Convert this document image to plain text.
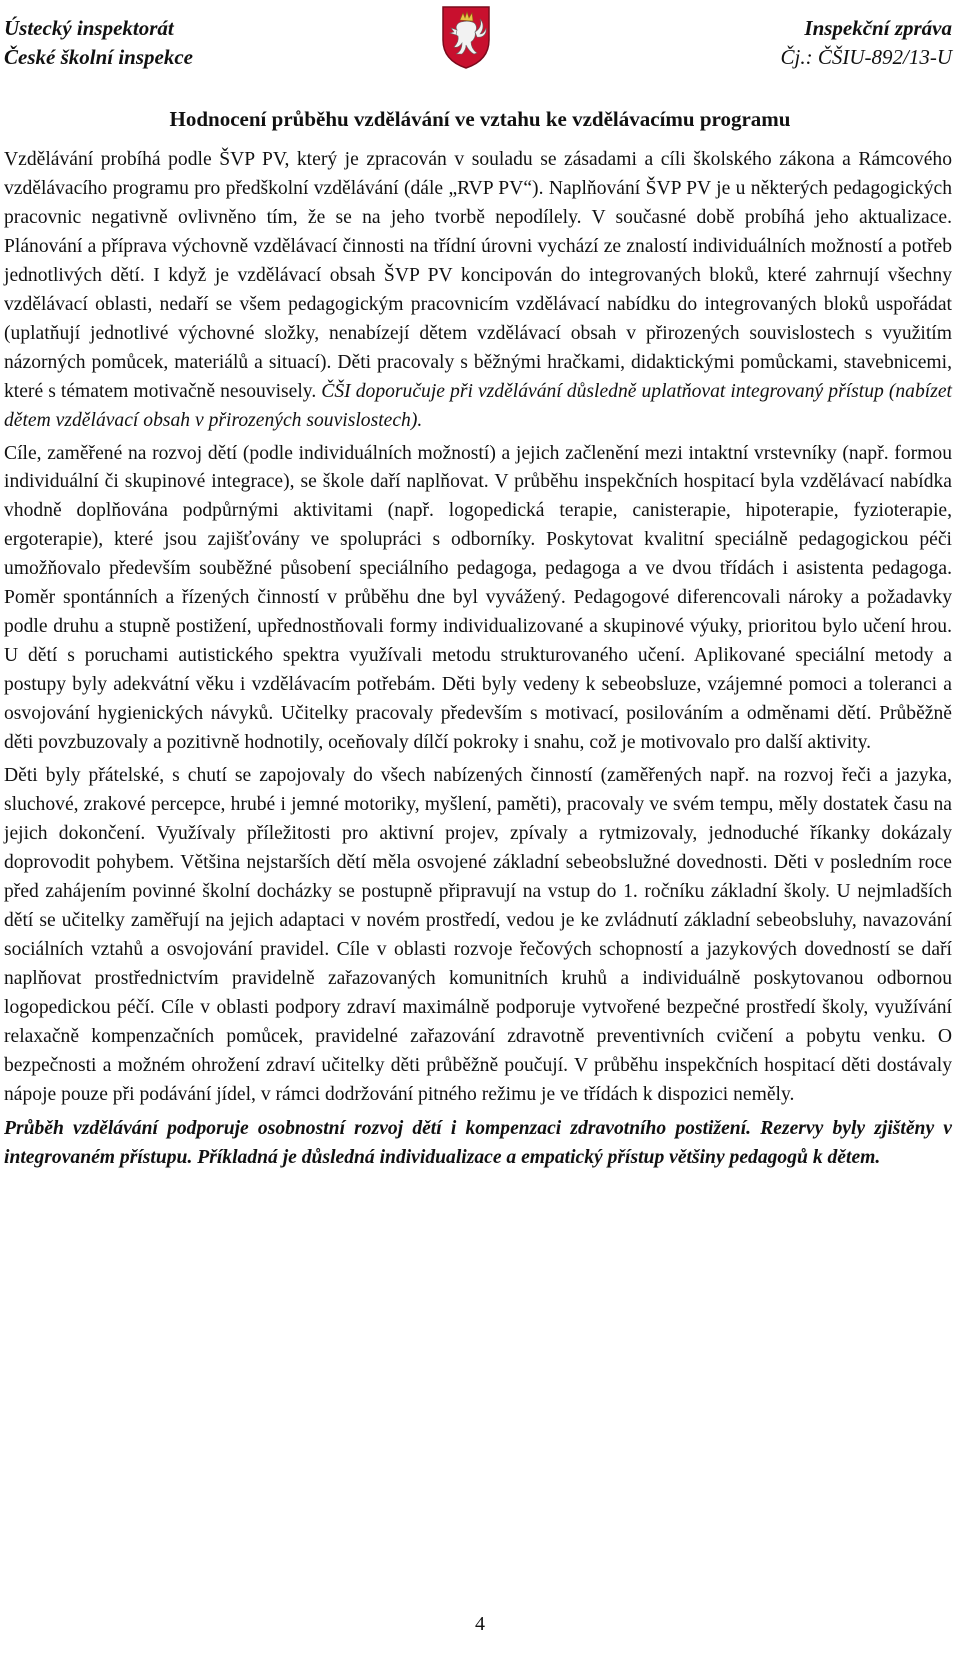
Ústecký inspektorát
České školní inspekce
Inspekční zpráva
Čj.: ČŠIU-892/13-U
Hodnocení průběhu vzdělávání ve vztahu ke vzdělávacímu programu

Vzdělávání probíhá podle ŠVP PV, který je zpracován v souladu se zásadami a cíli školského zákona a Rámcového vzdělávacího programu pro předškolní vzdělávání (dále „RVP PV“). Naplňování ŠVP PV je u některých pedagogických pracovnic negativně ovlivněno tím, že se na jeho tvorbě nepodílely. V současné době probíhá jeho aktualizace. Plánování a příprava výchovně vzdělávací činnosti na třídní úrovni vychází ze znalostí individuálních možností a potřeb jednotlivých dětí. I když je vzdělávací obsah ŠVP PV koncipován do integrovaných bloků, které zahrnují všechny vzdělávací oblasti, nedaří se všem pedagogickým pracovnicím vzdělávací nabídku do integrovaných bloků uspořádat (uplatňují jednotlivé výchovné složky, nenabízejí dětem vzdělávací obsah v přirozených souvislostech s využitím názorných pomůcek, materiálů a situací). Děti pracovaly s běžnými hračkami, didaktickými pomůckami, stavebnicemi, které s tématem motivačně nesouvisely. ČŠI doporučuje při vzdělávání důsledně uplatňovat integrovaný přístup (nabízet dětem vzdělávací obsah v přirozených souvislostech).

Cíle, zaměřené na rozvoj dětí (podle individuálních možností) a jejich začlenění mezi intaktní vrstevníky (např. formou individuální či skupinové integrace), se škole daří naplňovat. V průběhu inspekčních hospitací byla vzdělávací nabídka vhodně doplňována podpůrnými aktivitami (např. logopedická terapie, canisterapie, hipoterapie, fyzioterapie, ergoterapie), které jsou zajišťovány ve spolupráci s odborníky. Poskytovat kvalitní speciálně pedagogickou péči umožňovalo především souběžné působení speciálního pedagoga, pedagoga a ve dvou třídách i asistenta pedagoga. Poměr spontánních a řízených činností v průběhu dne byl vyvážený. Pedagogové diferencovali nároky a požadavky podle druhu a stupně postižení, upřednostňovali formy individualizované a skupinové výuky, prioritou bylo učení hrou. U dětí s poruchami autistického spektra využívali metodu strukturovaného učení. Aplikované speciální metody a postupy byly adekvátní věku i vzdělávacím potřebám. Děti byly vedeny k sebeobsluze, vzájemné pomoci a toleranci a osvojování hygienických návyků. Učitelky pracovaly především s motivací, posilováním a odměnami dětí. Průběžně děti povzbuzovaly a pozitivně hodnotily, oceňovaly dílčí pokroky i snahu, což je motivovalo pro další aktivity.

Děti byly přátelské, s chutí se zapojovaly do všech nabízených činností (zaměřených např. na rozvoj řeči a jazyka, sluchové, zrakové percepce, hrubé i jemné motoriky, myšlení, paměti), pracovaly ve svém tempu, měly dostatek času na jejich dokončení. Využívaly příležitosti pro aktivní projev, zpívaly a rytmizovaly, jednoduché říkanky dokázaly doprovodit pohybem. Většina nejstarších dětí měla osvojené základní sebeobslužné dovednosti. Děti v posledním roce před zahájením povinné školní docházky se postupně připravují na vstup do 1. ročníku základní školy. U nejmladších dětí se učitelky zaměřují na jejich adaptaci v novém prostředí, vedou je ke zvládnutí základní sebeobsluhy, navazování sociálních vztahů a osvojování pravidel. Cíle v oblasti rozvoje řečových schopností a jazykových dovedností se daří naplňovat prostřednictvím pravidelně zařazovaných komunitních kruhů a individuálně poskytovanou odbornou logopedickou péčí. Cíle v oblasti podpory zdraví maximálně podporuje vytvořené bezpečné prostředí školy, využívání relaxačně kompenzačních pomůcek, pravidelné zařazování zdravotně preventivních cvičení a pobytu venku. O bezpečnosti a možném ohrožení zdraví učitelky děti průběžně poučují. V průběhu inspekčních hospitací děti dostávaly nápoje pouze při podávání jídel, v rámci dodržování pitného režimu je ve třídách k dispozici neměly.

Průběh vzdělávání podporuje osobnostní rozvoj dětí i kompenzaci zdravotního postižení. Rezervy byly zjištěny v integrovaném přístupu. Příkladná je důsledná individualizace a empatický přístup většiny pedagogů k dětem.

4
